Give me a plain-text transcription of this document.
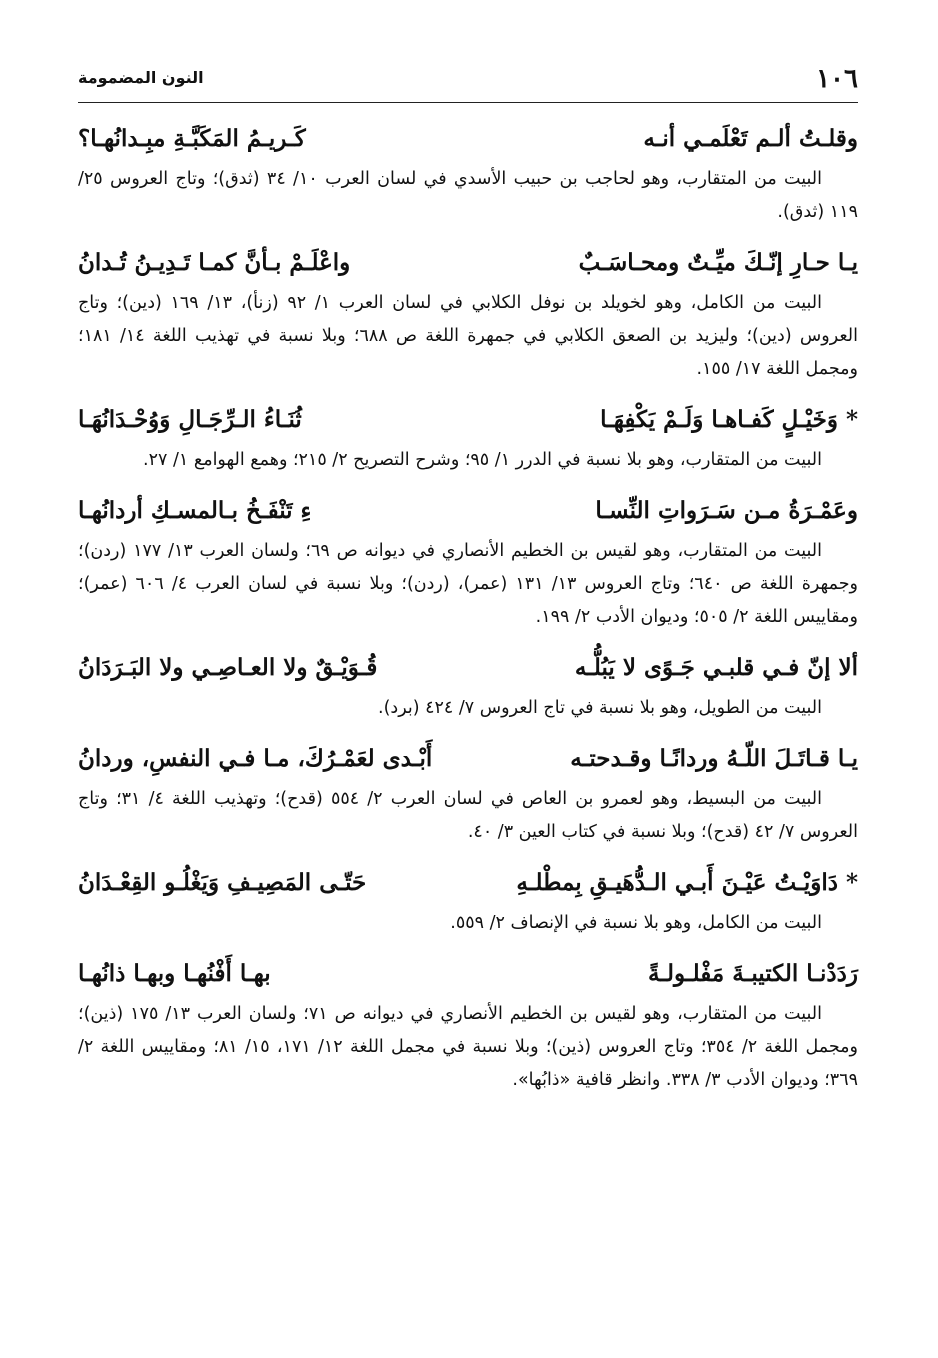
١٠٦
النون المضمومة
وقلـتُ ألـم تَعْلَمـي أنـه
كَـريـمُ المَكَبَّـةِ مبِـدانُهـا؟
البيت من المتقارب، وهو لحاجب بن حبيب الأسدي في لسان العرب ١٠/ ٣٤ (ثدق)؛ وتاج العروس ٢٥/ ١١٩ (ثدق).
يـا حـارِ إنّـكَ ميِّـتٌ ومحـاسَـبٌ
واعْلَـمْ بـأنَّ كمـا تَـدِيـنُ تُـدانُ
البيت من الكامل، وهو لخويلد بن نوفل الكلابي في لسان العرب ١/ ٩٢ (زنأ)، ١٣/ ١٦٩ (دين)؛ وتاج العروس (دين)؛ وليزيد بن الصعق الكلابي في جمهرة اللغة ص ٦٨٨؛ وبلا نسبة في تهذيب اللغة ١٤/ ١٨١؛ ومجمل اللغة ١٧/ ١٥٥.
* وَخَيْـلٍ كَفـاهـا وَلَـمْ يَكْفِهَـا
ثُنَـاءُ الـرِّجَـالِ وَوُحْـدَانُهَـا
البيت من المتقارب، وهو بلا نسبة في الدرر ١/ ٩٥؛ وشرح التصريح ٢/ ٢١٥؛ وهمع الهوامع ١/ ٢٧.
وعَمْـرَةُ مـن سَـرَواتِ النِّسـا
ءِ تَنْفَـخُ بـالمسـكِ أردانُهـا
البيت من المتقارب، وهو لقيس بن الخطيم الأنصاري في ديوانه ص ٦٩؛ ولسان العرب ١٣/ ١٧٧ (ردن)؛ وجمهرة اللغة ص ٦٤٠؛ وتاج العروس ١٣/ ١٣١ (عمر)، (ردن)؛ وبلا نسبة في لسان العرب ٤/ ٦٠٦ (عمر)؛ ومقاييس اللغة ٢/ ٥٠٥؛ وديوان الأدب ٢/ ١٩٩.
ألا إنّ فـي قلبـي جَـوًى لا يَبُلُّـه
قُـوَيْـقٌ ولا العـاصِـي ولا البَـرَدَانُ
البيت من الطويل، وهو بلا نسبة في تاج العروس ٧/ ٤٢٤ (برد).
يـا قـاتَـلَ اللّـهُ وردانًـا وقـدحتـه
أَبْـدى لعَمْـرُكَ، مـا فـي النفسِ، وردانُ
البيت من البسيط، وهو لعمرو بن العاص في لسان العرب ٢/ ٥٥٤ (قدح)؛ وتهذيب اللغة ٤/ ٣١؛ وتاج العروس ٧/ ٤٢ (قدح)؛ وبلا نسبة في كتاب العين ٣/ ٤٠.
* دَاوَيْـتُ عَيْـنَ أَبـي الـدُّهَيـقِ بِمطْلـهِ
حَتّـى المَصِيـفِ وَيَغْلُـو القِعْـدَانُ
البيت من الكامل، وهو بلا نسبة في الإنصاف ٢/ ٥٥٩.
رَدَدْنـا الكتيبـةَ مَفْلـولـةً
بهـا أَفْنُهـا وبهـا ذانُهـا
البيت من المتقارب، وهو لقيس بن الخطيم الأنصاري في ديوانه ص ٧١؛ ولسان العرب ١٣/ ١٧٥ (ذين)؛ ومجمل اللغة ٢/ ٣٥٤؛ وتاج العروس (ذين)؛ وبلا نسبة في مجمل اللغة ١٢/ ١٧١، ١٥/ ٨١؛ ومقاييس اللغة ٢/ ٣٦٩؛ وديوان الأدب ٣/ ٣٣٨. وانظر قافية «ذابُها».
